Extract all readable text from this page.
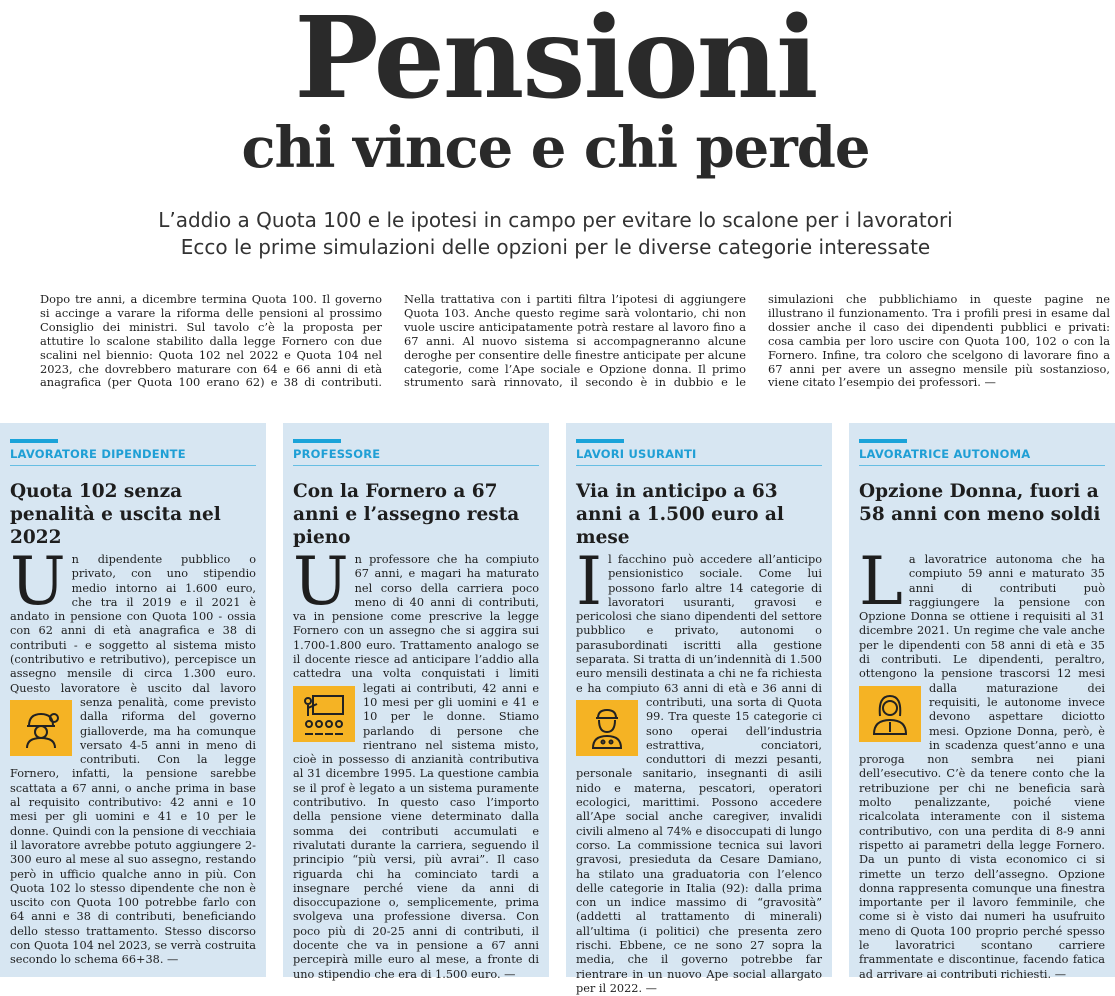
Pensioni
chi vince e chi perde
L’addio a Quota 100 e le ipotesi in campo per evitare lo scalone per i lavoratori
Ecco le prime simulazioni delle opzioni per le diverse categorie interessate
Dopo tre anni, a dicembre termina Quota 100. Il governo si accinge a varare la riforma delle pensioni al prossimo Consiglio dei ministri. Sul tavolo c’è la proposta per attutire lo scalone stabilito dalla legge Fornero con due scalini nel biennio: Quota 102 nel 2022 e Quota 104 nel 2023, che dovrebbero maturare con 64 e 66 anni di età anagrafica (per Quota 100 erano 62) e 38 di contributi. Nella trattativa con i partiti filtra l’ipotesi di aggiungere Quota 103. Anche questo regime sarà volontario, chi non vuole uscire anticipatamente potrà restare al lavoro fino a 67 anni. Al nuovo sistema si accompagneranno alcune deroghe per consentire delle finestre anticipate per alcune categorie, come l’Ape sociale e Opzione donna. Il primo strumento sarà rinnovato, il secondo è in dubbio e le simulazioni che pubblichiamo in queste pagine ne illustrano il funzionamento. Tra i profili presi in esame dal dossier anche il caso dei dipendenti pubblici e privati: cosa cambia per loro uscire con Quota 100, 102 o con la Fornero. Infine, tra coloro che scelgono di lavorare fino a 67 anni per avere un assegno mensile più sostanzioso, viene citato l’esempio dei professori. —
LAVORATORE DIPENDENTE
Quota 102 senza penalità e uscita nel 2022
Un dipendente pubblico o privato, con uno stipendio medio intorno ai 1.600 euro, che tra il 2019 e il 2021 è andato in pensione con Quota 100 - ossia con 62 anni di età anagrafica e 38 di contributi - e soggetto al sistema misto (contributivo e retributivo), percepisce un assegno mensile di circa 1.300 euro. Questo lavoratore è uscito dal lavoro senza penalità, come previsto dalla riforma del governo gialloverde, ma ha comunque versato 4-5 anni in meno di contributi. Con la legge Fornero, infatti, la pensione sarebbe scattata a 67 anni, o anche prima in base al requisito contributivo: 42 anni e 10 mesi per gli uomini e 41 e 10 per le donne. Quindi con la pensione di vecchiaia il lavoratore avrebbe potuto aggiungere 2-300 euro al mese al suo assegno, restando però in ufficio qualche anno in più. Con Quota 102 lo stesso dipendente che non è uscito con Quota 100 potrebbe farlo con 64 anni e 38 di contributi, beneficiando dello stesso trattamento. Stesso discorso con Quota 104 nel 2023, se verrà costruita secondo lo schema 66+38. —
PROFESSORE
Con la Fornero a 67 anni e l’assegno resta pieno
Un professore che ha compiuto 67 anni, e magari ha maturato nel corso della carriera poco meno di 40 anni di contributi, va in pensione come prescrive la legge Fornero con un assegno che si aggira sui 1.700-1.800 euro. Trattamento analogo se il docente riesce ad anticipare l’addio alla cattedra una volta conquistati i limiti legati ai contributi, 42 anni e 10 mesi per gli uomini e 41 e 10 per le donne. Stiamo parlando di persone che rientrano nel sistema misto, cioè in possesso di anzianità contributiva al 31 dicembre 1995. La questione cambia se il prof è legato a un sistema puramente contributivo. In questo caso l’importo della pensione viene determinato dalla somma dei contributi accumulati e rivalutati durante la carriera, seguendo il principio “più versi, più avrai”. Il caso riguarda chi ha cominciato tardi a insegnare perché viene da anni di disoccupazione o, semplicemente, prima svolgeva una professione diversa. Con poco più di 20-25 anni di contributi, il docente che va in pensione a 67 anni percepirà mille euro al mese, a fronte di uno stipendio che era di 1.500 euro. —
LAVORI USURANTI
Via in anticipo a 63 anni a 1.500 euro al mese
Il facchino può accedere all’anticipo pensionistico sociale. Come lui possono farlo altre 14 categorie di lavoratori usuranti, gravosi e pericolosi che siano dipendenti del settore pubblico e privato, autonomi o parasubordinati iscritti alla gestione separata. Si tratta di un’indennità di 1.500 euro mensili destinata a chi ne fa richiesta e ha compiuto 63 anni di età e 36 anni di contributi, una sorta di Quota 99. Tra queste 15 categorie ci sono operai dell’industria estrattiva, conciatori, conduttori di mezzi pesanti, personale sanitario, insegnanti di asili nido e materna, pescatori, operatori ecologici, marittimi. Possono accedere all’Ape social anche caregiver, invalidi civili almeno al 74% e disoccupati di lungo corso. La commissione tecnica sui lavori gravosi, presieduta da Cesare Damiano, ha stilato una graduatoria con l’elenco delle categorie in Italia (92): dalla prima con un indice massimo di “gravosità” (addetti al trattamento di minerali) all’ultima (i politici) che presenta zero rischi. Ebbene, ce ne sono 27 sopra la media, che il governo potrebbe far rientrare in un nuovo Ape social allargato per il 2022. —
LAVORATRICE AUTONOMA
Opzione Donna, fuori a 58 anni con meno soldi
La lavoratrice autonoma che ha compiuto 59 anni e maturato 35 anni di contributi può raggiungere la pensione con Opzione Donna se ottiene i requisiti al 31 dicembre 2021. Un regime che vale anche per le dipendenti con 58 anni di età e 35 di contributi. Le dipendenti, peraltro, ottengono la pensione trascorsi 12 mesi dalla maturazione dei
requisiti, le autonome invece devono aspettare diciotto mesi. Opzione Donna, però, è in scadenza quest’anno e una proroga non sembra nei piani dell’esecutivo. C’è da tenere conto che la retribuzione per chi ne beneficia sarà molto penalizzante, poiché viene ricalcolata interamente con il sistema contributivo, con una perdita di 8-9 anni rispetto ai parametri della legge Fornero. Da un punto di vista economico ci si rimette un terzo dell’assegno. Opzione donna rappresenta comunque una finestra importante per il lavoro femminile, che come si è visto dai numeri ha usufruito meno di Quota 100 proprio perché spesso le lavoratrici scontano carriere frammentate e discontinue, facendo fatica ad arrivare ai contributi richiesti. —
